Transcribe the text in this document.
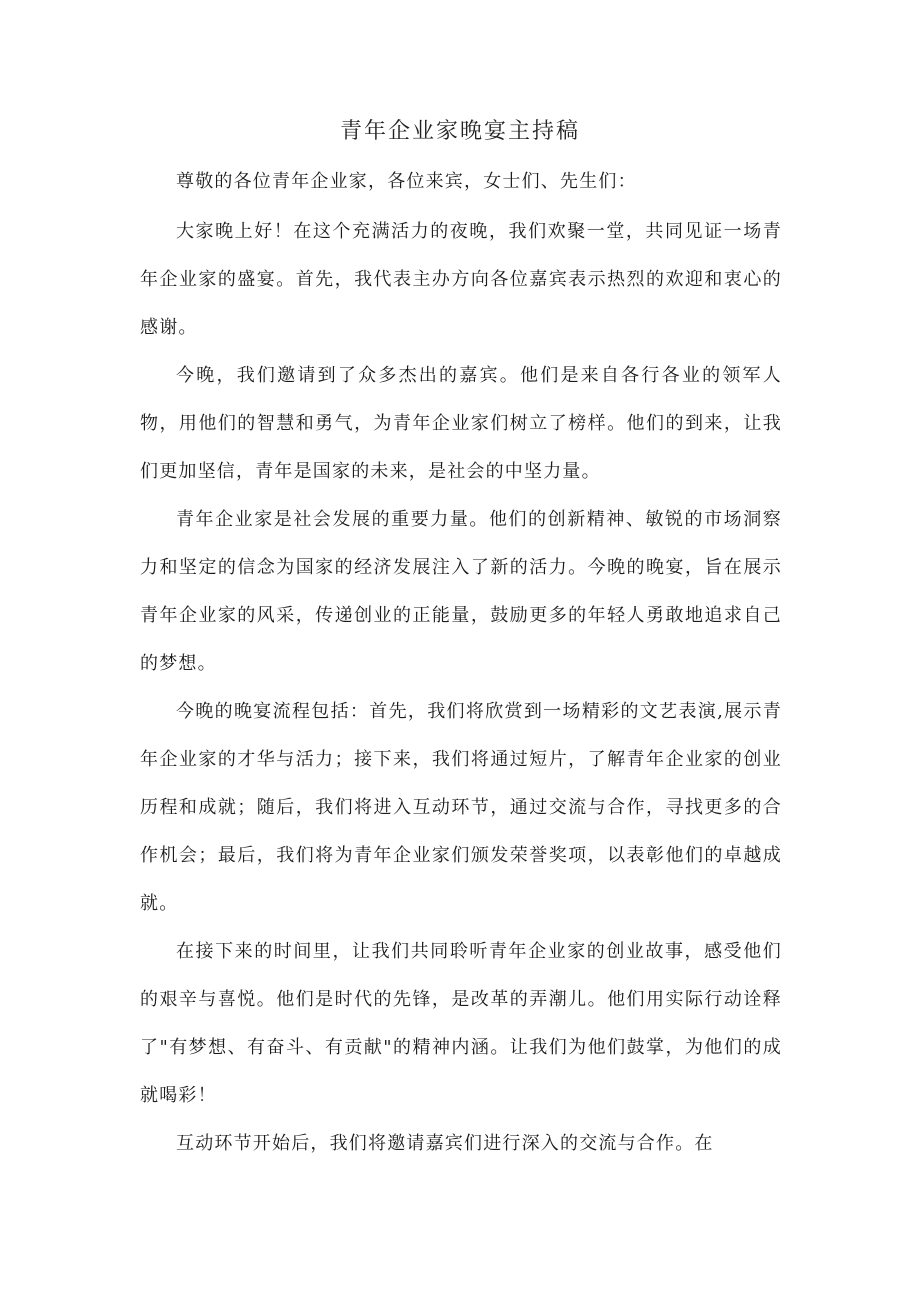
青年企业家晚宴主持稿

尊敬的各位青年企业家，各位来宾，女士们、先生们：

大家晚上好！在这个充满活力的夜晚，我们欢聚一堂，共同见证一场青年企业家的盛宴。首先，我代表主办方向各位嘉宾表示热烈的欢迎和衷心的感谢。

今晚，我们邀请到了众多杰出的嘉宾。他们是来自各行各业的领军人物，用他们的智慧和勇气，为青年企业家们树立了榜样。他们的到来，让我们更加坚信，青年是国家的未来，是社会的中坚力量。

青年企业家是社会发展的重要力量。他们的创新精神、敏锐的市场洞察力和坚定的信念为国家的经济发展注入了新的活力。今晚的晚宴，旨在展示青年企业家的风采，传递创业的正能量，鼓励更多的年轻人勇敢地追求自己的梦想。

今晚的晚宴流程包括：首先，我们将欣赏到一场精彩的文艺表演,展示青年企业家的才华与活力；接下来，我们将通过短片，了解青年企业家的创业历程和成就；随后，我们将进入互动环节，通过交流与合作，寻找更多的合作机会；最后，我们将为青年企业家们颁发荣誉奖项，以表彰他们的卓越成就。

在接下来的时间里，让我们共同聆听青年企业家的创业故事，感受他们的艰辛与喜悦。他们是时代的先锋，是改革的弄潮儿。他们用实际行动诠释了"有梦想、有奋斗、有贡献"的精神内涵。让我们为他们鼓掌，为他们的成就喝彩！

互动环节开始后，我们将邀请嘉宾们进行深入的交流与合作。在
